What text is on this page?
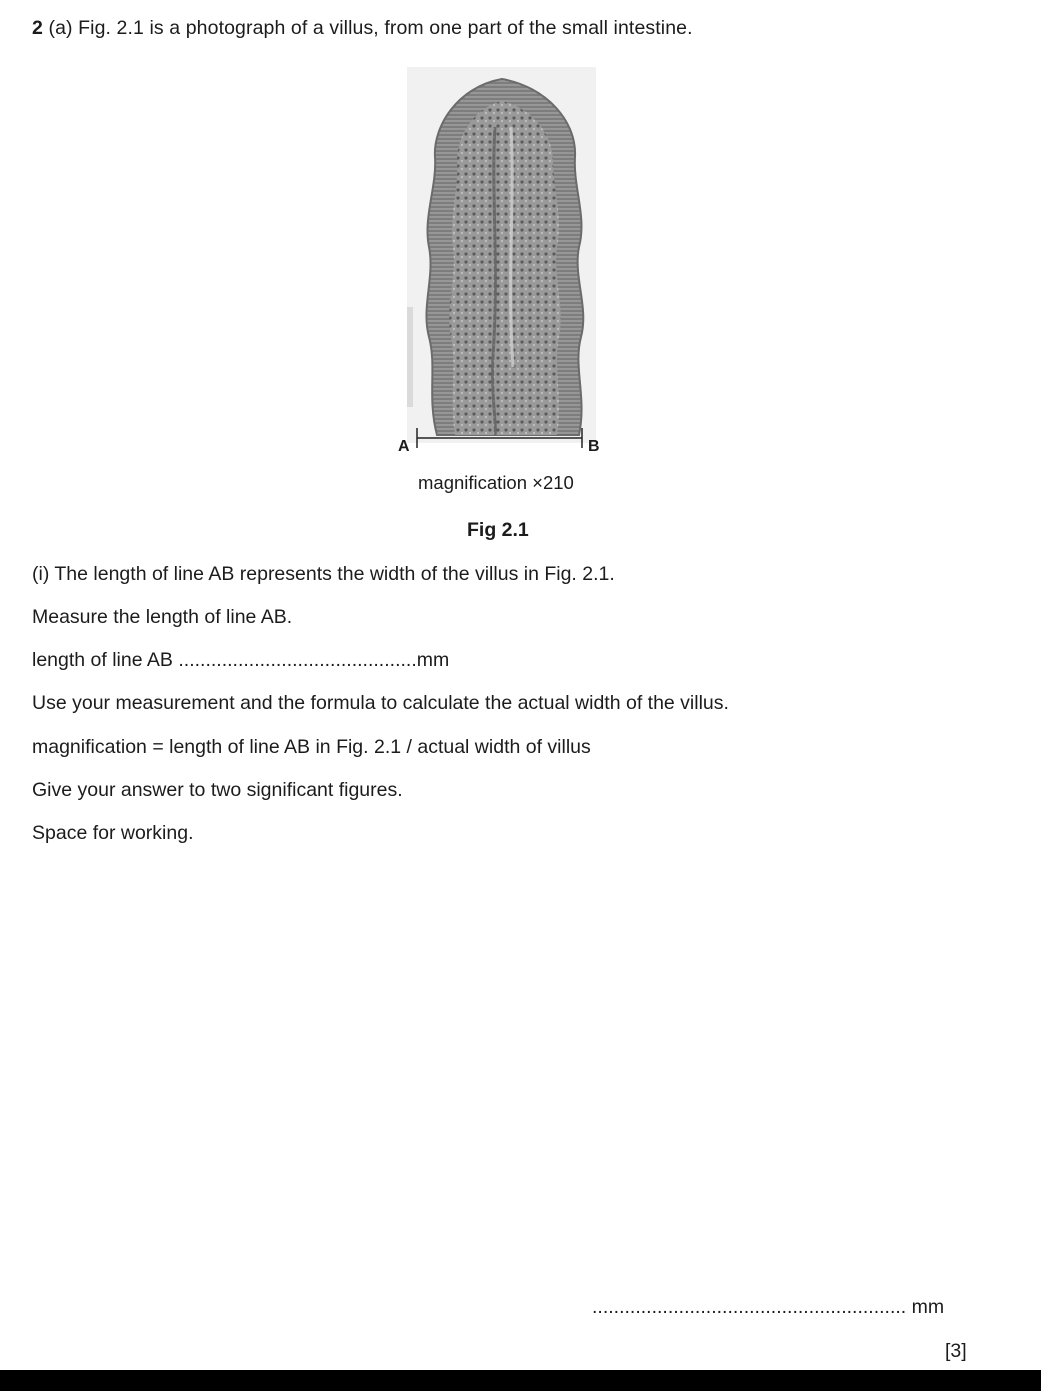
2 (a) Fig. 2.1 is a photograph of a villus, from one part of the small intestine.
A	B
magnification ×210
Fig 2.1
(i) The length of line AB represents the width of the villus in Fig. 2.1.
Measure the length of line AB.
length of line AB ............................................mm
Use your measurement and the formula to calculate the actual width of the villus.
magnification = length of line AB in Fig. 2.1 / actual width of villus
Give your answer to two significant figures.
Space for working.
.......................................................... mm
[3]
